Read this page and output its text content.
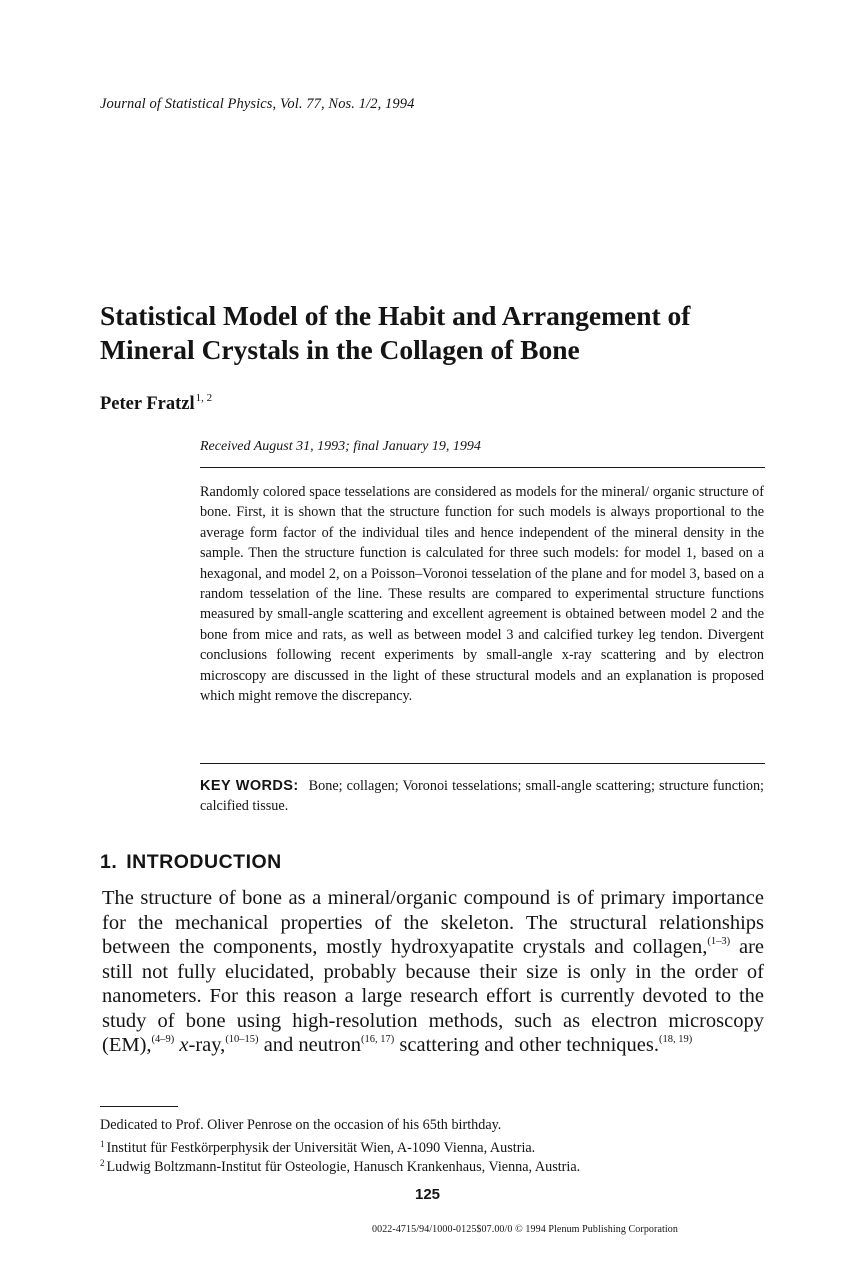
Journal of Statistical Physics, Vol. 77, Nos. 1/2, 1994
Statistical Model of the Habit and Arrangement of
Mineral Crystals in the Collagen of Bone
Peter Fratzl$^{1, 2}$
Received August 31, 1993; final January 19, 1994
Randomly colored space tesselations are considered as models for the mineral/ organic structure of bone. First, it is shown that the structure function for such models is always proportional to the average form factor of the individual tiles and hence independent of the mineral density in the sample. Then the structure function is calculated for three such models: for model 1, based on a hexagonal, and model 2, on a Poisson–Voronoi tesselation of the plane and for model 3, based on a random tesselation of the line. These results are compared to experimental structure functions measured by small-angle scattering and excellent agreement is obtained between model 2 and the bone from mice and rats, as well as between model 3 and calcified turkey leg tendon. Divergent conclusions following recent experiments by small-angle x-ray scattering and by electron microscopy are discussed in the light of these structural models and an explanation is proposed which might remove the discrepancy.
KEY WORDS: Bone; collagen; Voronoi tesselations; small-angle scattering; structure function; calcified tissue.
1. INTRODUCTION
The structure of bone as a mineral/organic compound is of primary importance for the mechanical properties of the skeleton. The structural relationships between the components, mostly hydroxyapatite crystals and collagen,$^{(1-3)}$ are still not fully elucidated, probably because their size is only in the order of nanometers. For this reason a large research effort is currently devoted to the study of bone using high-resolution methods, such as electron microscopy (EM),$^{(4-9)}$ x-ray,$^{(10-15)}$ and neutron$^{(16, 17)}$ scattering and other techniques.$^{(18, 19)}$
Dedicated to Prof. Oliver Penrose on the occasion of his 65th birthday.
$^1$ Institut für Festkörperphysik der Universität Wien, A-1090 Vienna, Austria.
$^2$ Ludwig Boltzmann-Institut für Osteologie, Hanusch Krankenhaus, Vienna, Austria.
125
0022-4715/94/1000-0125$07.00/0 © 1994 Plenum Publishing Corporation
